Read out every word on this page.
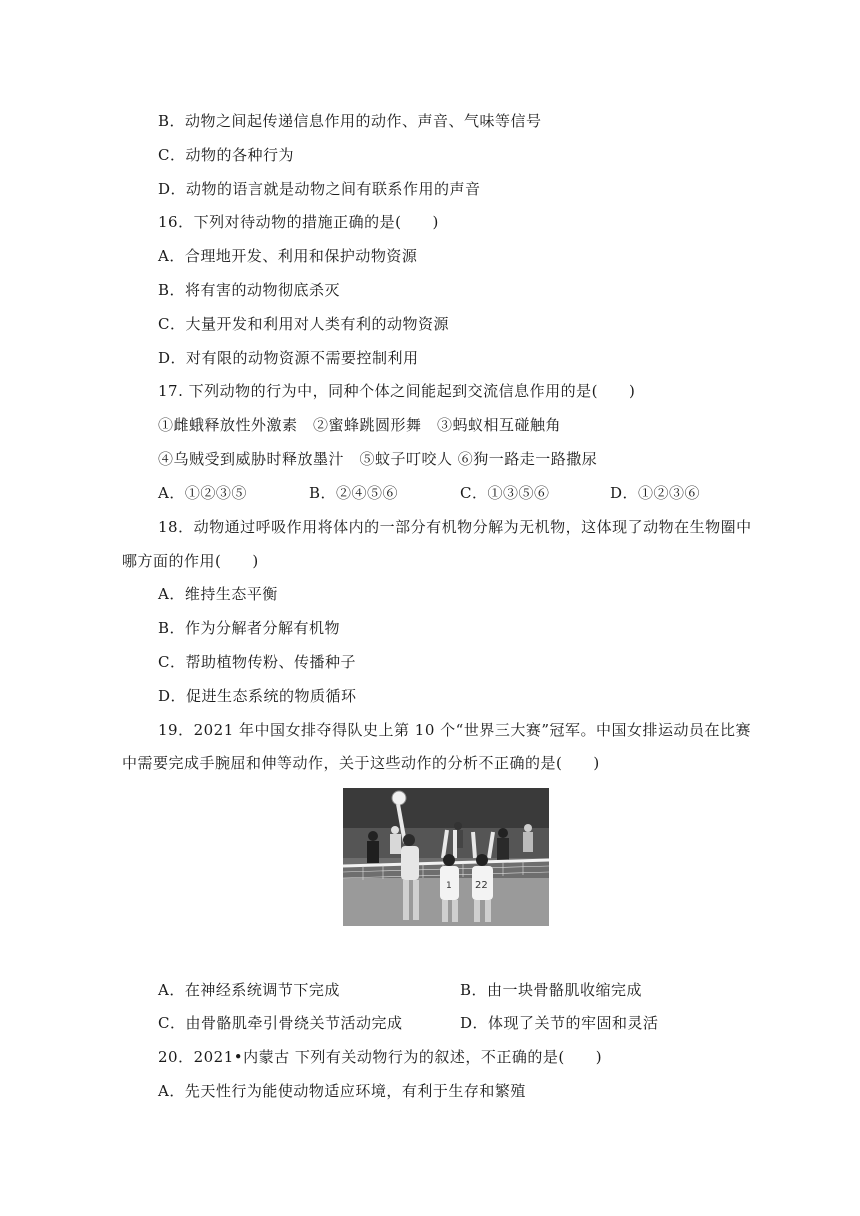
B．动物之间起传递信息作用的动作、声音、气味等信号
C．动物的各种行为
D．动物的语言就是动物之间有联系作用的声音
16．下列对待动物的措施正确的是(　　)
A．合理地开发、利用和保护动物资源
B．将有害的动物彻底杀灭
C．大量开发和利用对人类有利的动物资源
D．对有限的动物资源不需要控制利用
17. 下列动物的行为中，同种个体之间能起到交流信息作用的是(　　)
①雌蛾释放性外激素　②蜜蜂跳圆形舞　③蚂蚁相互碰触角
④乌贼受到威胁时释放墨汁　⑤蚊子叮咬人 ⑥狗一路走一路撒尿
A．①②③⑤	B．②④⑤⑥	C．①③⑤⑥	D．①②③⑥
18．动物通过呼吸作用将体内的一部分有机物分解为无机物，这体现了动物在生物圈中
哪方面的作用(　　)
A．维持生态平衡
B．作为分解者分解有机物
C．帮助植物传粉、传播种子
D．促进生态系统的物质循环
19．2021 年中国女排夺得队史上第 10 个“世界三大赛”冠军。中国女排运动员在比赛
中需要完成手腕屈和伸等动作，关于这些动作的分析不正确的是(　　)
1 22
A．在神经系统调节下完成	B．由一块骨骼肌收缩完成
C．由骨骼肌牵引骨绕关节活动完成	D．体现了关节的牢固和灵活
20．2021•内蒙古 下列有关动物行为的叙述，不正确的是(　　)
A．先天性行为能使动物适应环境，有利于生存和繁殖
